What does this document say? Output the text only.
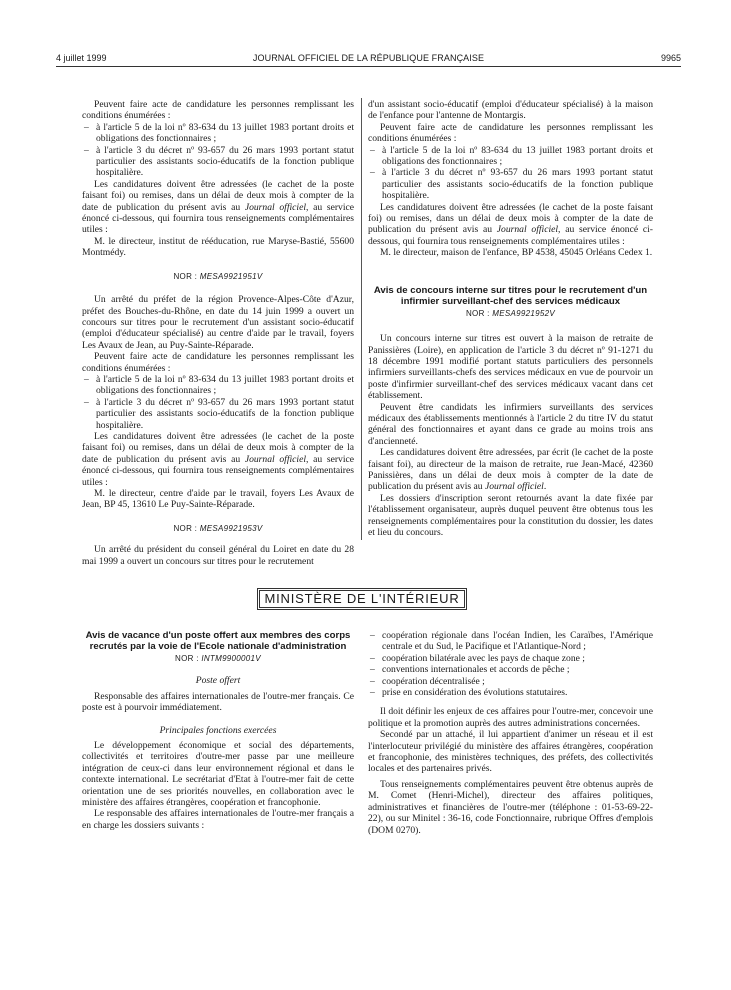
4 juillet 1999	JOURNAL OFFICIEL DE LA RÉPUBLIQUE FRANÇAISE	9965

Peuvent faire acte de candidature les personnes remplissant les conditions énumérées :

– à l'article 5 de la loi nº 83-634 du 13 juillet 1983 portant droits et obligations des fonctionnaires ;
– à l'article 3 du décret nº 93-657 du 26 mars 1993 portant statut particulier des assistants socio-éducatifs de la fonction publique hospitalière.

Les candidatures doivent être adressées (le cachet de la poste faisant foi) ou remises, dans un délai de deux mois à compter de la date de publication du présent avis au Journal officiel, au service énoncé ci-dessous, qui fournira tous renseignements complémentaires utiles :

M. le directeur, institut de rééducation, rue Maryse-Bastié, 55600 Montmédy.

NOR : MESA9921951V

Un arrêté du préfet de la région Provence-Alpes-Côte d'Azur, préfet des Bouches-du-Rhône, en date du 14 juin 1999 a ouvert un concours sur titres pour le recrutement d'un assistant socio-éducatif (emploi d'éducateur spécialisé) au centre d'aide par le travail, foyers Les Avaux de Jean, au Puy-Sainte-Réparade.

Peuvent faire acte de candidature les personnes remplissant les conditions énumérées :

– à l'article 5 de la loi nº 83-634 du 13 juillet 1983 portant droits et obligations des fonctionnaires ;
– à l'article 3 du décret nº 93-657 du 26 mars 1993 portant statut particulier des assistants socio-éducatifs de la fonction publique hospitalière.

Les candidatures doivent être adressées (le cachet de la poste faisant foi) ou remises, dans un délai de deux mois à compter de la date de publication du présent avis au Journal officiel, au service énoncé ci-dessous, qui fournira tous renseignements complémentaires utiles :

M. le directeur, centre d'aide par le travail, foyers Les Avaux de Jean, BP 45, 13610 Le Puy-Sainte-Réparade.

NOR : MESA9921953V

Un arrêté du président du conseil général du Loiret en date du 28 mai 1999 a ouvert un concours sur titres pour le recrutement

d'un assistant socio-éducatif (emploi d'éducateur spécialisé) à la maison de l'enfance pour l'antenne de Montargis.

Peuvent faire acte de candidature les personnes remplissant les conditions énumérées :

– à l'article 5 de la loi nº 83-634 du 13 juillet 1983 portant droits et obligations des fonctionnaires ;
– à l'article 3 du décret nº 93-657 du 26 mars 1993 portant statut particulier des assistants socio-éducatifs de la fonction publique hospitalière.

Les candidatures doivent être adressées (le cachet de la poste faisant foi) ou remises, dans un délai de deux mois à compter de la date de publication du présent avis au Journal officiel, au service énoncé ci-dessous, qui fournira tous renseignements complémentaires utiles :

M. le directeur, maison de l'enfance, BP 4538, 45045 Orléans Cedex 1.

Avis de concours interne sur titres pour le recrutement d'un infirmier surveillant-chef des services médicaux

NOR : MESA9921952V

Un concours interne sur titres est ouvert à la maison de retraite de Panissières (Loire), en application de l'article 3 du décret nº 91-1271 du 18 décembre 1991 modifié portant statuts particuliers des personnels infirmiers surveillants-chefs des services médicaux en vue de pourvoir un poste d'infirmier surveillant-chef des services médicaux vacant dans cet établissement.

Peuvent être candidats les infirmiers surveillants des services médicaux des établissements mentionnés à l'article 2 du titre IV du statut général des fonctionnaires et ayant dans ce grade au moins trois ans d'ancienneté.

Les candidatures doivent être adressées, par écrit (le cachet de la poste faisant foi), au directeur de la maison de retraite, rue Jean-Macé, 42360 Panissières, dans un délai de deux mois à compter de la date de publication du présent avis au Journal officiel.

Les dossiers d'inscription seront retournés avant la date fixée par l'établissement organisateur, auprès duquel peuvent être obtenus tous les renseignements complémentaires pour la constitution du dossier, les dates et lieu du concours.

MINISTÈRE DE L'INTÉRIEUR

Avis de vacance d'un poste offert aux membres des corps recrutés par la voie de l'Ecole nationale d'administration

NOR : INTM9900001V

Poste offert

Responsable des affaires internationales de l'outre-mer français. Ce poste est à pourvoir immédiatement.

Principales fonctions exercées

Le développement économique et social des départements, collectivités et territoires d'outre-mer passe par une meilleure intégration de ceux-ci dans leur environnement régional et dans le contexte international. Le secrétariat d'Etat à l'outre-mer fait de cette orientation une de ses priorités nouvelles, en collaboration avec le ministère des affaires étrangères, coopération et francophonie.

Le responsable des affaires internationales de l'outre-mer français a en charge les dossiers suivants :

– coopération régionale dans l'océan Indien, les Caraïbes, l'Amérique centrale et du Sud, le Pacifique et l'Atlantique-Nord ;
– coopération bilatérale avec les pays de chaque zone ;
– conventions internationales et accords de pêche ;
– coopération décentralisée ;
– prise en considération des évolutions statutaires.

Il doit définir les enjeux de ces affaires pour l'outre-mer, concevoir une politique et la promotion auprès des autres administrations concernées.

Secondé par un attaché, il lui appartient d'animer un réseau et il est l'interlocuteur privilégié du ministère des affaires étrangères, coopération et francophonie, des ministères techniques, des préfets, des collectivités locales et des partenaires privés.

Tous renseignements complémentaires peuvent être obtenus auprès de M. Comet (Henri-Michel), directeur des affaires politiques, administratives et financières de l'outre-mer (téléphone : 01-53-69-22-22), ou sur Minitel : 36-16, code Fonctionnaire, rubrique Offres d'emplois (DOM 0270).
